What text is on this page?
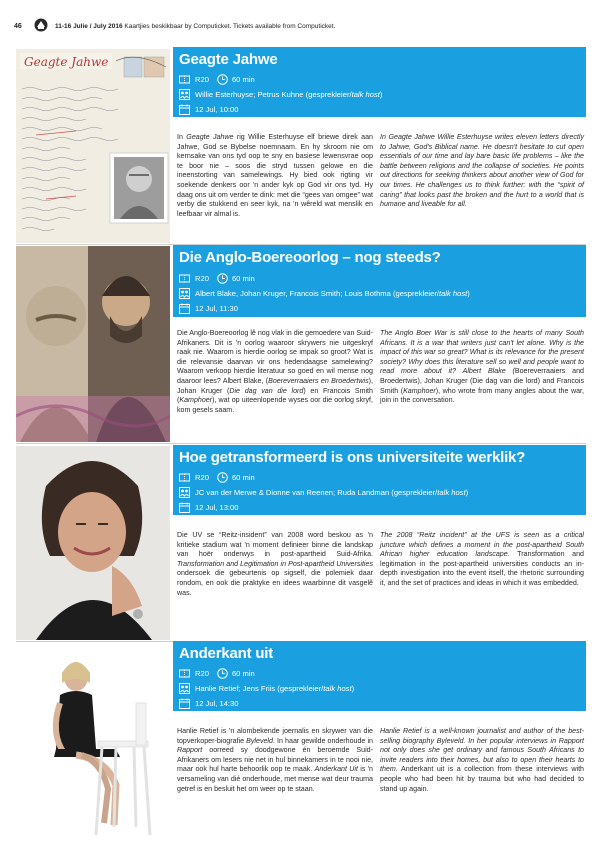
46	11-16 Julie / July 2016 Kaartjies beskikbaar by Computicket. Tickets available from Computicket.
Geagte Jahwe	Geagte Jahwe
R20	60 min
Willie Esterhuyse; Petrus Kuhne (gesprekleier/talk host)
12 Jul, 10:00

In Geagte Jahwe rig Willie Esterhuyse elf briewe direk aan Jahwe, God se Bybelse noemnaam. En hy skroom nie om kernsake van ons tyd oop te sny en basiese lewensvrae oop te boor nie – soos die stryd tussen gelowe en die ineenstorting van samelewings. Hy bied ook rigting vir soekende denkers oor 'n ander kyk op God vir ons tyd. Hy daag ons uit om verder te dink: met die “gees van omgee” wat verby die stukkend en seer kyk, na 'n wêreld wat menslik en leefbaar vir almal is.

In Geagte Jahwe Willie Esterhuyse writes eleven letters directly to Jahwe, God's Biblical name. He doesn't hesitate to cut open essentials of our time and lay bare basic life problems – like the battle between religions and the collapse of societies. He points out directions for seeking thinkers about another view of God for our times. He challenges us to think further: with the “spirit of caring” that looks past the broken and the hurt to a world that is humane and liveable for all.

Die Anglo-Boereoorlog – nog steeds?
R20	60 min
Albert Blake, Johan Kruger, Francois Smith; Louis Bothma (gesprekleier/talk host)
12 Jul, 11:30

Die Anglo-Boereoorlog lê nog vlak in die gemoedere van Suid-Afrikaners. Dit is 'n oorlog waaroor skrywers nie uitgeskryf raak nie. Waarom is hierdie oorlog se impak so groot? Wat is die relevansie daarvan vir ons hedendaagse samelewing? Waarom verkoop hierdie literatuur so goed en wil mense nog daaroor lees? Albert Blake, (Boereverraaiers en Broedertwis), Johan Kruger (Die dag van die lord) en Francois Smith (Kamphoer), wat op uiteenlopende wyses oor die oorlog skryf, kom gesels saam.

The Anglo Boer War is still close to the hearts of many South Africans. It is a war that writers just can't let alone. Why is the impact of this war so great? What is its relevance for the present society? Why does this literature sell so well and people want to read more about it? Albert Blake (Boereverraaiers and Broedertwis), Johan Kruger (Die dag van die lord) and Francois Smith (Kamphoer), who wrote from many angles about the war, join in the conversation.

Hoe getransformeerd is ons universiteite werklik?
R20	60 min
JC van der Merwe & Dionne van Reenen; Ruda Landman (gesprekleier/talk host)
12 Jul, 13:00

Die UV se “Reitz-insident” van 2008 word beskou as 'n kritieke stadium wat 'n moment definieer binne die landskap van hoër onderwys in post-apartheid Suid-Afrika. Transformation and Legitimation in Post-apartheid Universities ondersoek die gebeurtenis op sigself, die polemiek daar rondom, en ook die praktyke en idees waarbinne dit vasgelê was.

The 2008 “Reitz incident” at the UFS is seen as a critical juncture which defines a moment in the post-apartheid South African higher education landscape. Transformation and legitimation in the post-apartheid universities conducts an in-depth investigation into the event itself, the rhetoric surrounding it, and the set of practices and ideas in which it was embedded.

Anderkant uit
R20	60 min
Hanlie Retief; Jens Friis (gesprekleier/talk host)
12 Jul, 14:30

Hanlie Retief is 'n alombekende joernalis en skrywer van die topverkoper-biografie Byleveld. In haar gewilde onderhoude in Rapport oorreed sy doodgewone én beroemde Suid-Afrikaners om lesers nie net in hul binnekamers in te nooi nie, maar ook hul harte behoorlik oop te maak. Anderkant Uit is 'n versameling van dié onderhoude, met mense wat deur trauma getref is en besluit het om weer op te staan.

Hanlie Retief is a well-known journalist and author of the best-selling biography Byleveld. In her popular interviews in Rapport not only does she get ordinary and famous South Africans to invite readers into their homes, but also to open their hearts to them. Anderkant uit is a collection from these interviews with people who had been hit by trauma but who had decided to stand up again.
